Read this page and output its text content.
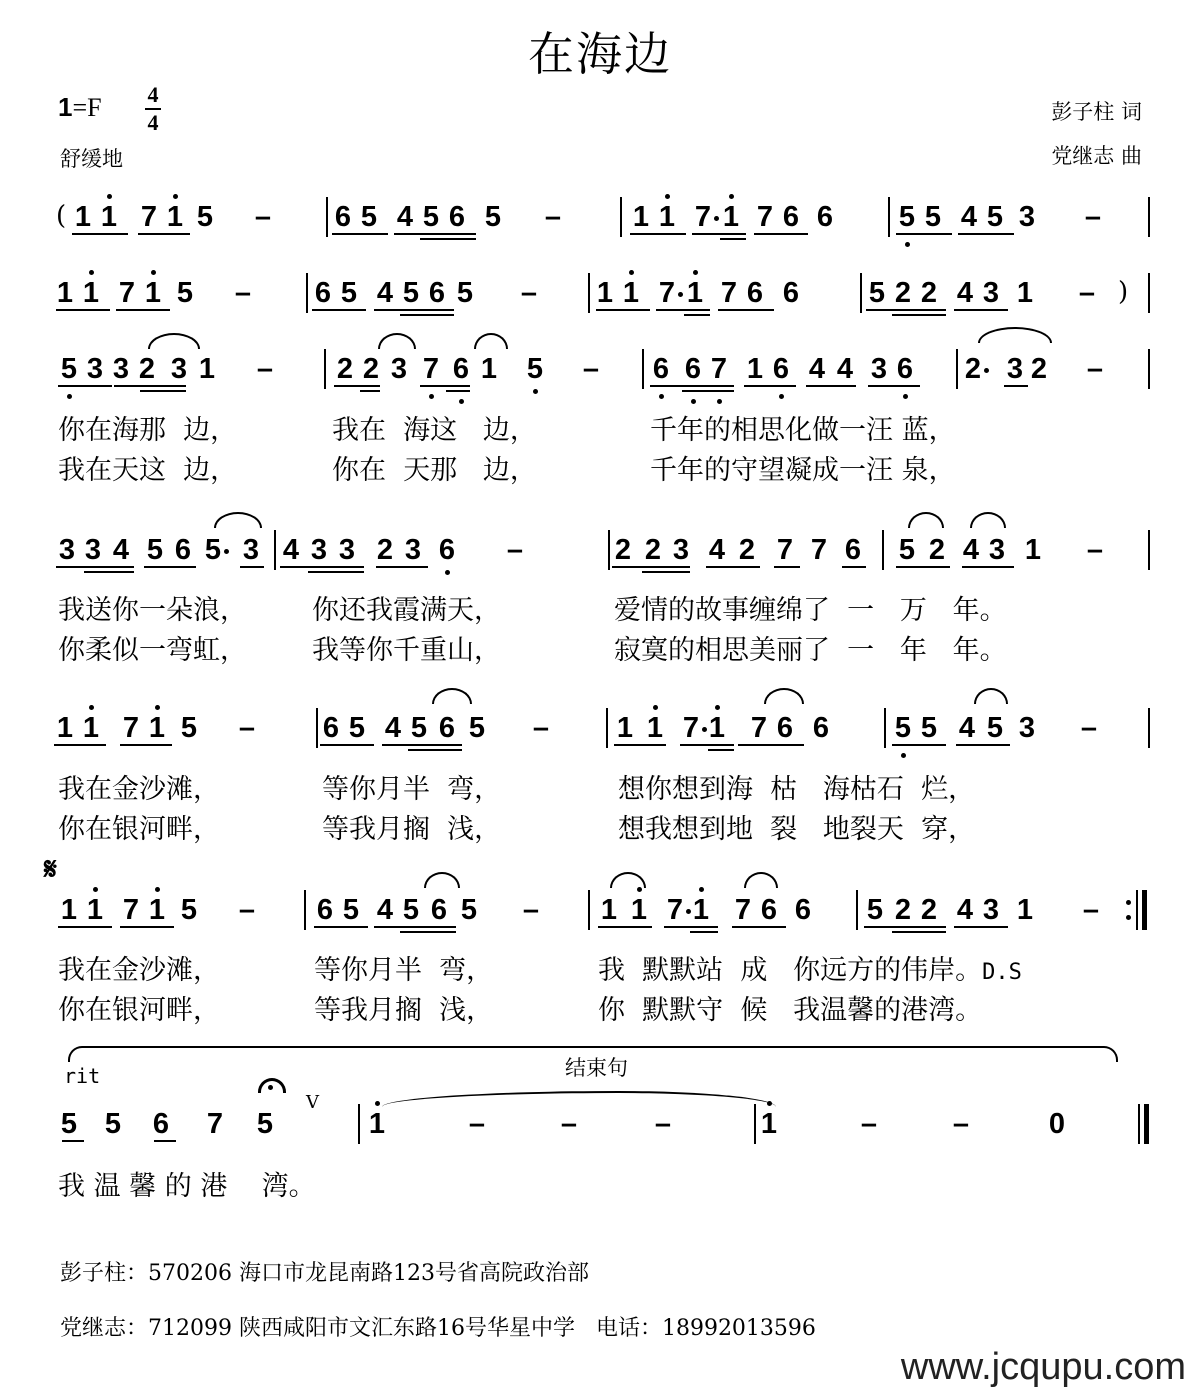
在海边
1=F 4
4
舒缓地
彭子柱 词
党继志 曲
( 1 1 7 1 5 – 6 5 4 5 6 5 – 1 1 7 1 7 6 6 5 5 4 5 3 –
)
1 1 7 1 5 – 6 5 4 5 6 5 – 1 1 7 1 7 6 6 5 2 2 4 3 1 –
5 3 3 2 3 1 – 2 2 3 7 6 1 5 – 6 6 7 1 6 4 4 3 6 2 3 2 –
3 3 4 5 6 5 3 4 3 3 2 3 6 –	2 2 3 4 2 7 7 6 5 2 4 3 1 –
1 1 7 1 5 – 6 5 4 5 6 5 – 1 1 7 1 7 6 6 5 5 4 5 3 –
1 1 7 1 5 – 6 5 4 5 6 5 – 1 1 7 1 7 6 6 5 2 2 4 3 1 –
5 5 6 7 5	1	–	–	–	1	–	–	0
你在海那  边，	我在  海这   边，	千年的相思化做一汪 蓝，
我在天这  边，	你在  天那   边，	千年的守望凝成一汪 泉，
我送你一朵浪， 你还我霞满天，	爱情的故事缠绵了  一   万   年。
你柔似一弯虹， 我等你千重山，	寂寞的相思美丽了  一   年   年。
我在金沙滩，	等你月半  弯，	想你想到海  枯   海枯石  烂，
你在银河畔，	等我月搁  浅，	想我想到地  裂   地裂天  穿，
我在金沙滩，	等你月半  弯，	我  默默站  成   你远方的伟岸。D.S
你在银河畔，	等我月搁  浅，	你  默默守  候   我温馨的港湾。
我 温 馨 的 港    湾。
𝄋
rit	结束句
V
彭子柱：570206 海口市龙昆南路123号省高院政治部
党继志：712099 陕西咸阳市文汇东路16号华星中学   电话：18992013596
www.jcqupu.com
